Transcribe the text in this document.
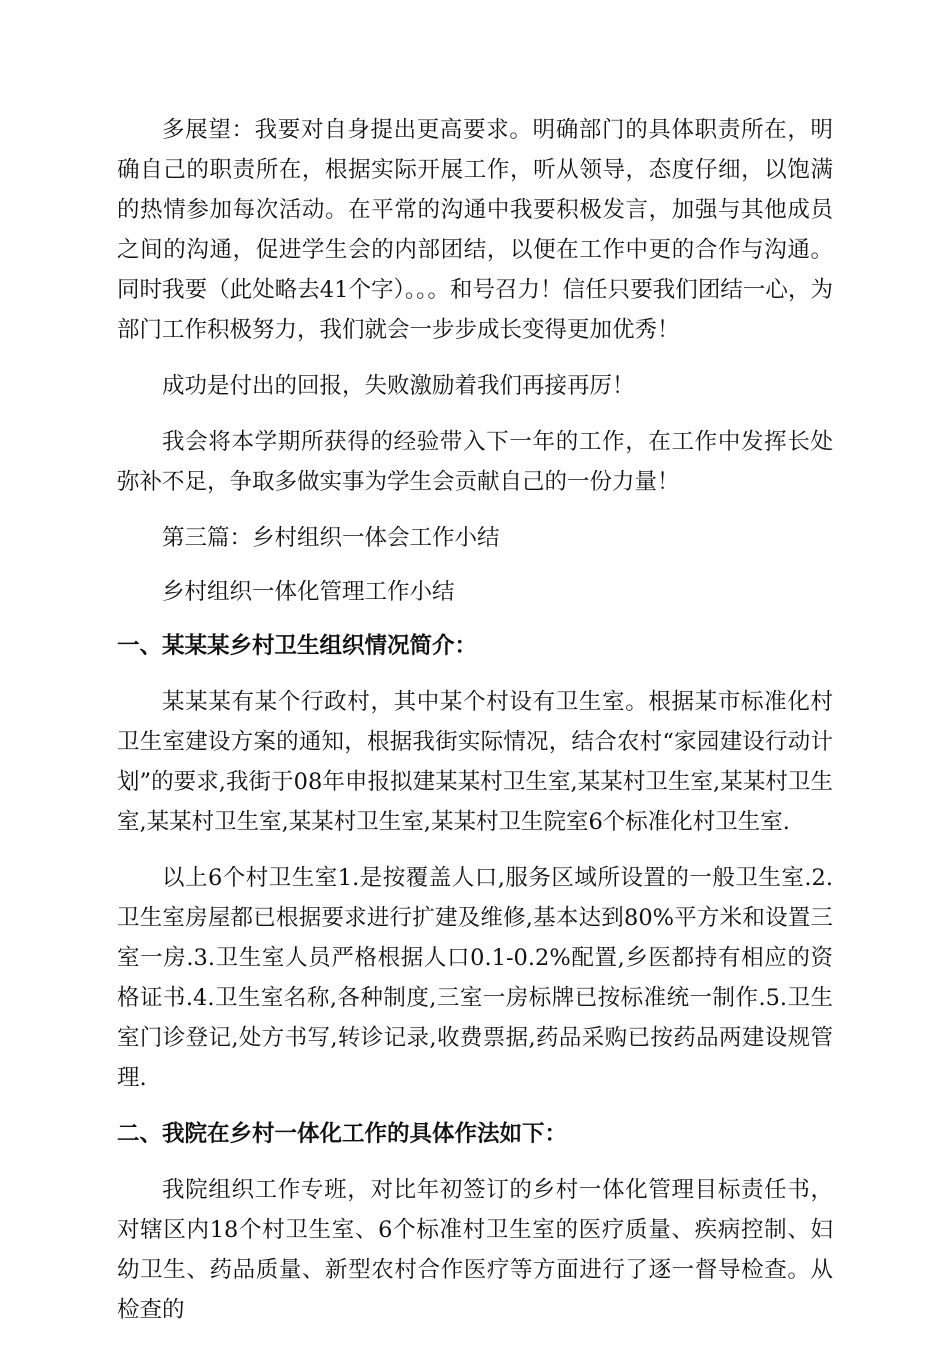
多展望：我要对自身提出更高要求。明确部门的具体职责所在，明确自己的职责所在，根据实际开展工作，听从领导，态度仔细，以饱满的热情参加每次活动。在平常的沟通中我要积极发言，加强与其他成员之间的沟通，促进学生会的内部团结，以便在工作中更的合作与沟通。同时我要（此处略去41个字）。。。和号召力！信任只要我们团结一心，为部门工作积极努力，我们就会一步步成长变得更加优秀！

成功是付出的回报，失败激励着我们再接再厉！

我会将本学期所获得的经验带入下一年的工作，在工作中发挥长处弥补不足，争取多做实事为学生会贡献自己的一份力量！

第三篇：乡村组织一体会工作小结

乡村组织一体化管理工作小结

一、某某某乡村卫生组织情况简介：

某某某有某个行政村，其中某个村设有卫生室。根据某市标准化村卫生室建设方案的通知，根据我街实际情况，结合农村“家园建设行动计划”的要求,我街于08年申报拟建某某村卫生室,某某村卫生室,某某村卫生室,某某村卫生室,某某村卫生室,某某村卫生院室6个标准化村卫生室.

以上6个村卫生室1.是按覆盖人口,服务区域所设置的一般卫生室.2.卫生室房屋都已根据要求进行扩建及维修,基本达到80%平方米和设置三室一房.3.卫生室人员严格根据人口0.1-0.2%配置,乡医都持有相应的资格证书.4.卫生室名称,各种制度,三室一房标牌已按标准统一制作.5.卫生室门诊登记,处方书写,转诊记录,收费票据,药品采购已按药品两建设规管理.

二、我院在乡村一体化工作的具体作法如下：

我院组织工作专班，对比年初签订的乡村一体化管理目标责任书，对辖区内18个村卫生室、6个标准村卫生室的医疗质量、疾病控制、妇幼卫生、药品质量、新型农村合作医疗等方面进行了逐一督导检查。从检查的
